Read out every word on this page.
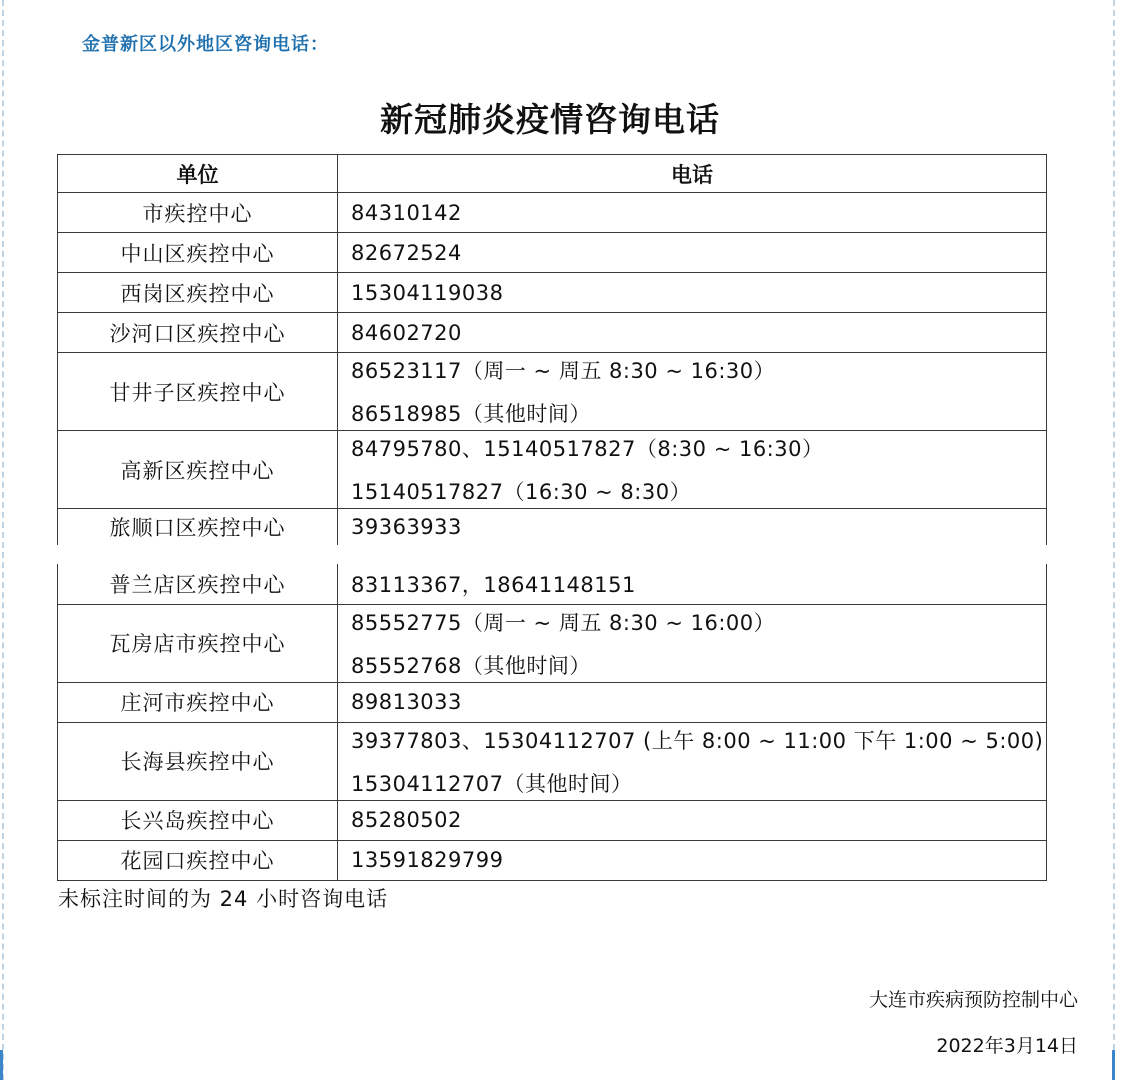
金普新区以外地区咨询电话：
新冠肺炎疫情咨询电话
单位	电话
市疾控中心	84310142

中山区疾控中心	82672524

西岗区疾控中心	15304119038

沙河口区疾控中心	84602720

甘井子区疾控中心	86523117（周一 ~ 周五 8:30 ~ 16:30）
86518985（其他时间）

高新区疾控中心	84795780、15140517827（8:30 ~ 16:30）
15140517827（16:30 ~ 8:30）

旅顺口区疾控中心	39363933
普兰店区疾控中心	83113367，18641148151

瓦房店市疾控中心	85552775（周一 ~ 周五 8:30 ~ 16:00）
85552768（其他时间）

庄河市疾控中心	89813033

长海县疾控中心	39377803、15304112707 (上午 8:00 ~ 11:00 下午 1:00 ~ 5:00)
15304112707（其他时间）

长兴岛疾控中心	85280502

花园口疾控中心	13591829799
未标注时间的为 24 小时咨询电话
大连市疾病预防控制中心
2022年3月14日
